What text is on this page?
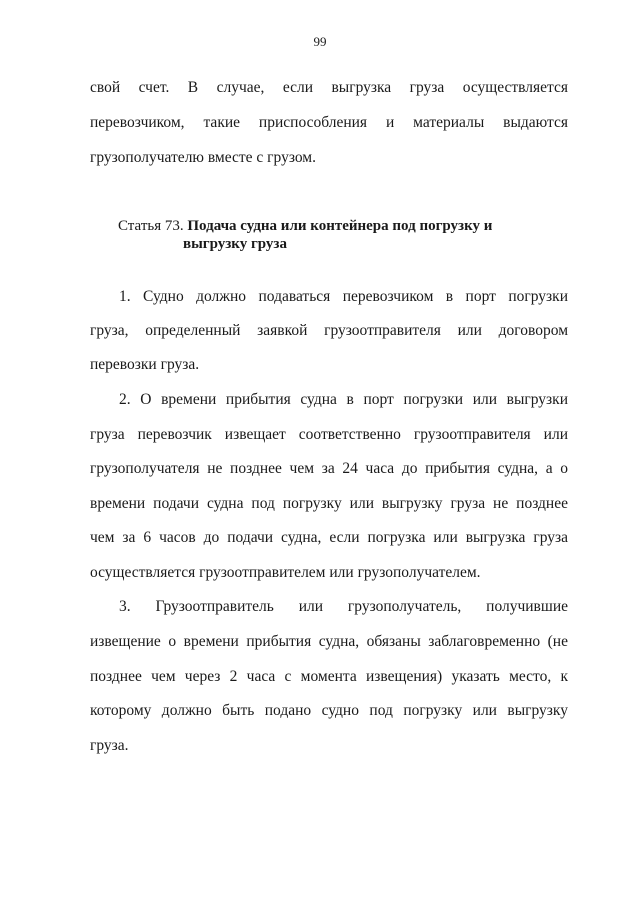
99
свой счет. В случае, если выгрузка груза осуществляется
перевозчиком, такие приспособления и материалы выдаются
грузополучателю вместе с грузом.
Статья 73. Подача судна или контейнера под погрузку и
выгрузку груза
1. Судно должно подаваться перевозчиком в порт погрузки
груза, определенный заявкой грузоотправителя или договором
перевозки груза.
2. О времени прибытия судна в порт погрузки или выгрузки
груза перевозчик извещает соответственно грузоотправителя или
грузополучателя не позднее чем за 24 часа до прибытия судна, а о
времени подачи судна под погрузку или выгрузку груза не позднее
чем за 6 часов до подачи судна, если погрузка или выгрузка груза
осуществляется грузоотправителем или грузополучателем.
3. Грузоотправитель или грузополучатель, получившие
извещение о времени прибытия судна, обязаны заблаговременно (не
позднее чем через 2 часа с момента извещения) указать место, к
которому должно быть подано судно под погрузку или выгрузку
груза.
